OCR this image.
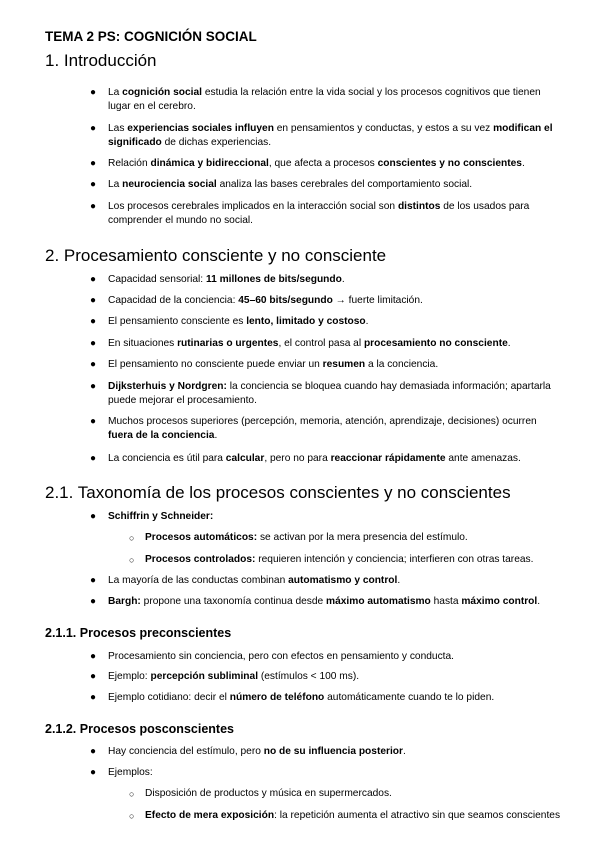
TEMA 2 PS: COGNICIÓN SOCIAL
1. Introducción
● La cognición social estudia la relación entre la vida social y los procesos cognitivos que tienen lugar en el cerebro.
● Las experiencias sociales influyen en pensamientos y conductas, y estos a su vez modifican el significado de dichas experiencias.
● Relación dinámica y bidireccional, que afecta a procesos conscientes y no conscientes.
● La neurociencia social analiza las bases cerebrales del comportamiento social.
● Los procesos cerebrales implicados en la interacción social son distintos de los usados para comprender el mundo no social.
2. Procesamiento consciente y no consciente
● Capacidad sensorial: 11 millones de bits/segundo.
● Capacidad de la conciencia: 45–60 bits/segundo → fuerte limitación.
● El pensamiento consciente es lento, limitado y costoso.
● En situaciones rutinarias o urgentes, el control pasa al procesamiento no consciente.
● El pensamiento no consciente puede enviar un resumen a la conciencia.
● Dijksterhuis y Nordgren: la conciencia se bloquea cuando hay demasiada información; apartarla puede mejorar el procesamiento.
● Muchos procesos superiores (percepción, memoria, atención, aprendizaje, decisiones) ocurren fuera de la conciencia.
● La conciencia es útil para calcular, pero no para reaccionar rápidamente ante amenazas.
2.1. Taxonomía de los procesos conscientes y no conscientes
● Schiffrin y Schneider:
○ Procesos automáticos: se activan por la mera presencia del estímulo.
○ Procesos controlados: requieren intención y conciencia; interfieren con otras tareas.
● La mayoría de las conductas combinan automatismo y control.
● Bargh: propone una taxonomía continua desde máximo automatismo hasta máximo control.
2.1.1. Procesos preconscientes
● Procesamiento sin conciencia, pero con efectos en pensamiento y conducta.
● Ejemplo: percepción subliminal (estímulos < 100 ms).
● Ejemplo cotidiano: decir el número de teléfono automáticamente cuando te lo piden.
2.1.2. Procesos posconscientes
● Hay conciencia del estímulo, pero no de su influencia posterior.
● Ejemplos:
○ Disposición de productos y música en supermercados.
○ Efecto de mera exposición: la repetición aumenta el atractivo sin que seamos conscientes
